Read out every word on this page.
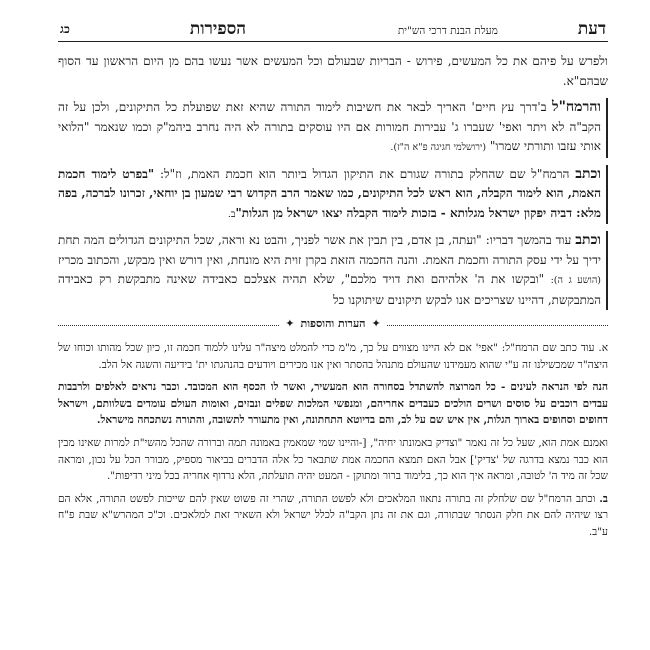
דעת
מעלת הבנת דרכי הש"ית
הספירות
כג

ולפרש על פיהם את כל המעשים, פירוש - הבריות שבעולם וכל המעשים אשר נעשו בהם מן היום הראשון עד הסוף שבהם"א.

והרמח"ל ב'דרך עץ חיים' האריך לבאר את חשיבות לימוד התורה שהיא זאת שפועלת כל התיקונים, ולכן על זה הקב"ה לא ויתר ואפי' שעברו ג' עבירות חמורות אם היו עוסקים בתורה לא היה נחרב ביהמ"ק וכמו שנאמר "הלואי אותי עזבו ותורתי שמרו" (ירושלמי חגיגה פ"א ה"ז).

וכתב הרמח"ל שם שהחלק בתורה שגורם את התיקון הגדול ביותר הוא חכמת האמת, וז"ל: "בפרט לימוד חכמת האמת, הוא לימוד הקבלה, הוא ראש לכל התיקונים, כמו שאמר הרב הקדוש רבי שמעון בן יוחאי, זכרונו לברכה, בפה מלא: דביה יפקון ישראל מגלותא - בזכות לימוד הקבלה יצאו ישראל מן הגלות"ב.

וכתב עוד בהמשך דבריו: "ועתה, בן אדם, בין תבין את אשר לפניך, והבט נא וראה, שכל התיקונים הגדולים המה תחת ידיך על ידי עסק התורה וחכמת האמת. והנה החכמה הזאת בקרן זוית היא מונחת, ואין דורש ואין מבקש, והכתוב מכריז (הושע ג ה): "ובקשו את ה' אלהיהם ואת דויד מלכם", שלא תהיה אצלכם כאבידה שאינה מתבקשת רק כאבידה המתבקשת, דהיינו שצריכים אנו לבקש תיקונים שיתוקנו כל

✦
הערות והוספות
✦

א. עוד כתב שם הרמח"ל: "אפי' אם לא היינו מצווים על כך, מ"מ כדי להמלט מיצה"ר עלינו ללמוד חכמה זו, כיון שכל מהותו וכוחו של היצה"ר שמכשילנו זה ע"י שהוא מעמידנו שהעולם מתנהל בהסתר ואין אנו מכירים ויודעים בהנהגתו ית' בידיעה והשגה אל הלב.

הנה לפי הנראה לעינים - כל המרוצה להשתדל בסחורה הוא המעשיר, ואשר לו הכסף הוא המכובד. וכבר נראים לאלפים ולרבבות עבדים רוכבים על סוסים ושרים הולכים כעבדים אחריהם, ומנפשי המלכות שפלים ונבזים, ואומות העולם עומדים בשלוותם, וישראל דחופים וסחופים בארוך הגלות, אין איש שם על לב, והם בדיוטא התחתונה, ואין מתעורר לתשובה, והתורה נשתכחה מישראל.

ואמנם אמת הוא, שעל כל זה נאמר "וצדיק באמונתו יחיה", [-והיינו שמי שמאמין באמונה תמה וברורה שהכל מהשי"ת למרות שאינו מבין הוא כבר נמצא בדרגה של 'צדיק'] אבל האם תמצא החכמה אמת שתבאר כל אלה הדברים בביאור מספיק, מבורר הכל על נכון, ומראה שכל זה מיד ה' לטובה, ומראה איך הוא כך, בלימוד ברור ומתוקן - המעט יהיה תועלתה, הלא נרדוף אחריה בכל מיני רדיפות".

ב. וכתב הרמח"ל שם שלחלק זה בתורה נתאוו המלאכים ולא לפשט התורה, שהרי זה פשוט שאין להם שייכות לפשט התורה, אלא הם רצו שיהיה להם את חלק הנסתר שבתורה, וגם את זה נתן הקב"ה לכלל ישראל ולא השאיר זאת למלאכים. וכ"כ המהרש"א שבת פ"ח ע"ב.
